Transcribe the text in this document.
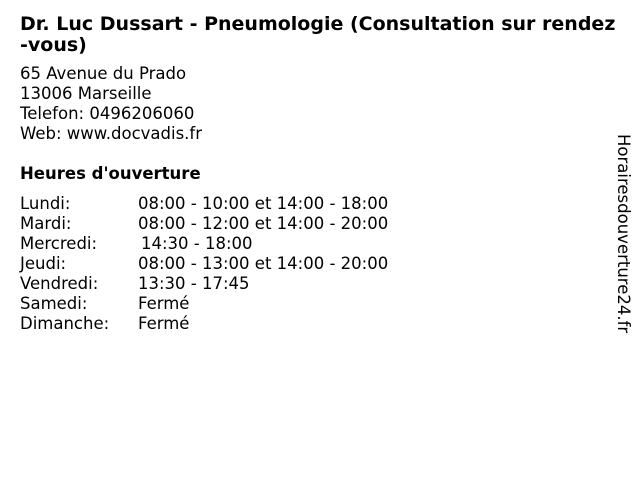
Dr. Luc Dussart - Pneumologie (Consultation sur rendez-vous)
65 Avenue du Prado
13006 Marseille
Telefon: 0496206060
Web: www.docvadis.fr
Heures d'ouverture
Lundi:	08:00 - 10:00 et 14:00 - 18:00
Mardi:	08:00 - 12:00 et 14:00 - 20:00
Mercredi:	14:30 - 18:00
Jeudi:	08:00 - 13:00 et 14:00 - 20:00
Vendredi:	13:30 - 17:45
Samedi:	Fermé
Dimanche:	Fermé	Horairesdouverture24.fr
